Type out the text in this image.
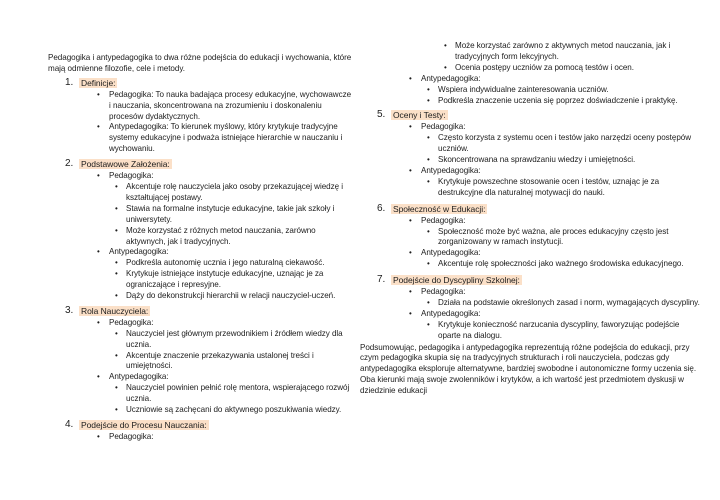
Pedagogika i antypedagogika to dwa różne podejścia do edukacji i wychowania, które mają odmienne filozofie, cele i metody.

1. Definicje:
• Pedagogika: To nauka badająca procesy edukacyjne, wychowawcze i nauczania, skoncentrowana na zrozumieniu i doskonaleniu procesów dydaktycznych.
• Antypedagogika: To kierunek myślowy, który krytykuje tradycyjne systemy edukacyjne i podważa istniejące hierarchie w nauczaniu i wychowaniu.
2. Podstawowe Założenia:
• Pedagogika:
• Akcentuje rolę nauczyciela jako osoby przekazującej wiedzę i kształtującej postawy.
• Stawia na formalne instytucje edukacyjne, takie jak szkoły i uniwersytety.
• Może korzystać z różnych metod nauczania, zarówno aktywnych, jak i tradycyjnych.
• Antypedagogika:
• Podkreśla autonomię ucznia i jego naturalną ciekawość.
• Krytykuje istniejące instytucje edukacyjne, uznając je za ograniczające i represyjne.
• Dąży do dekonstrukcji hierarchii w relacji nauczyciel-uczeń.
3. Rola Nauczyciela:
• Pedagogika:
• Nauczyciel jest głównym przewodnikiem i źródłem wiedzy dla ucznia.
• Akcentuje znaczenie przekazywania ustalonej treści i umiejętności.
• Antypedagogika:
• Nauczyciel powinien pełnić rolę mentora, wspierającego rozwój ucznia.
• Uczniowie są zachęcani do aktywnego poszukiwania wiedzy.
4. Podejście do Procesu Nauczania:
• Pedagogika:
• Może korzystać zarówno z aktywnych metod nauczania, jak i tradycyjnych form lekcyjnych.
• Ocenia postępy uczniów za pomocą testów i ocen.
• Antypedagogika:
• Wspiera indywidualne zainteresowania uczniów.
• Podkreśla znaczenie uczenia się poprzez doświadczenie i praktykę.
5. Oceny i Testy:
• Pedagogika:
• Często korzysta z systemu ocen i testów jako narzędzi oceny postępów uczniów.
• Skoncentrowana na sprawdzaniu wiedzy i umiejętności.
• Antypedagogika:
• Krytykuje powszechne stosowanie ocen i testów, uznając je za destrukcyjne dla naturalnej motywacji do nauki.
6. Społeczność w Edukacji:
• Pedagogika:
• Społeczność może być ważna, ale proces edukacyjny często jest zorganizowany w ramach instytucji.
• Antypedagogika:
• Akcentuje rolę społeczności jako ważnego środowiska edukacyjnego.
7. Podejście do Dyscypliny Szkolnej:
• Pedagogika:
• Działa na podstawie określonych zasad i norm, wymagających dyscypliny.
• Antypedagogika:
• Krytykuje konieczność narzucania dyscypliny, faworyzując podejście oparte na dialogu.

Podsumowując, pedagogika i antypedagogika reprezentują różne podejścia do edukacji, przy czym pedagogika skupia się na tradycyjnych strukturach i roli nauczyciela, podczas gdy antypedagogika eksploruje alternatywne, bardziej swobodne i autonomiczne formy uczenia się. Oba kierunki mają swoje zwolenników i krytyków, a ich wartość jest przedmiotem dyskusji w dziedzinie edukacji
